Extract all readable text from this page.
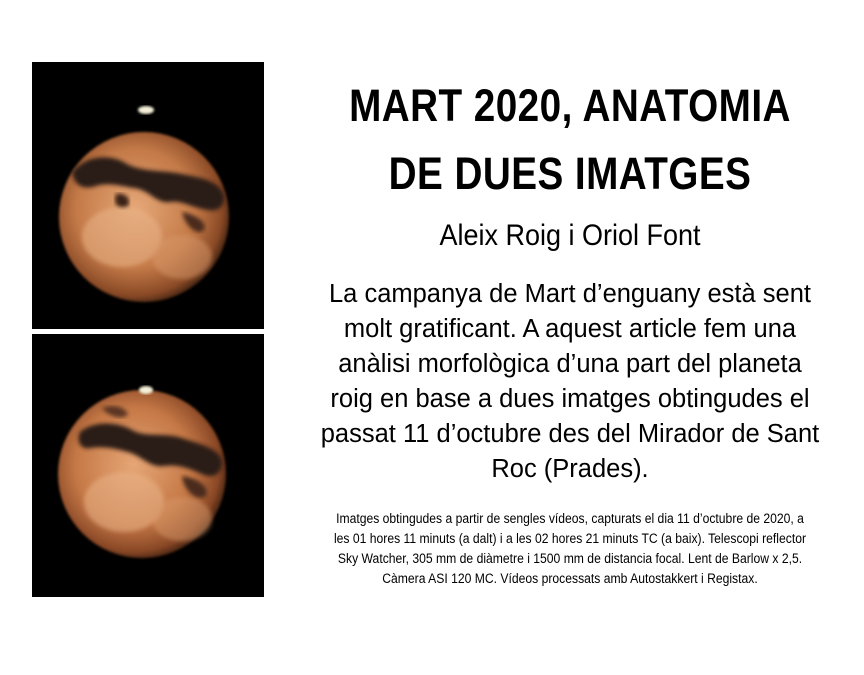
MART 2020, ANATOMIA
DE DUES IMATGES
Aleix Roig i Oriol Font
La campanya de Mart d’enguany està sent
molt gratificant. A aquest article fem una
anàlisi morfològica d’una part del planeta
roig en base a dues imatges obtingudes el
passat 11 d’octubre des del Mirador de Sant
Roc (Prades).
Imatges obtingudes a partir de sengles vídeos, capturats el dia 11 d’octubre de 2020, a
les 01 hores 11 minuts (a dalt) i a les 02 hores 21 minuts TC (a baix). Telescopi reflector
Sky Watcher, 305 mm de diàmetre i 1500 mm de distancia focal. Lent de Barlow x 2,5.
Càmera ASI 120 MC. Vídeos processats amb Autostakkert i Registax.
